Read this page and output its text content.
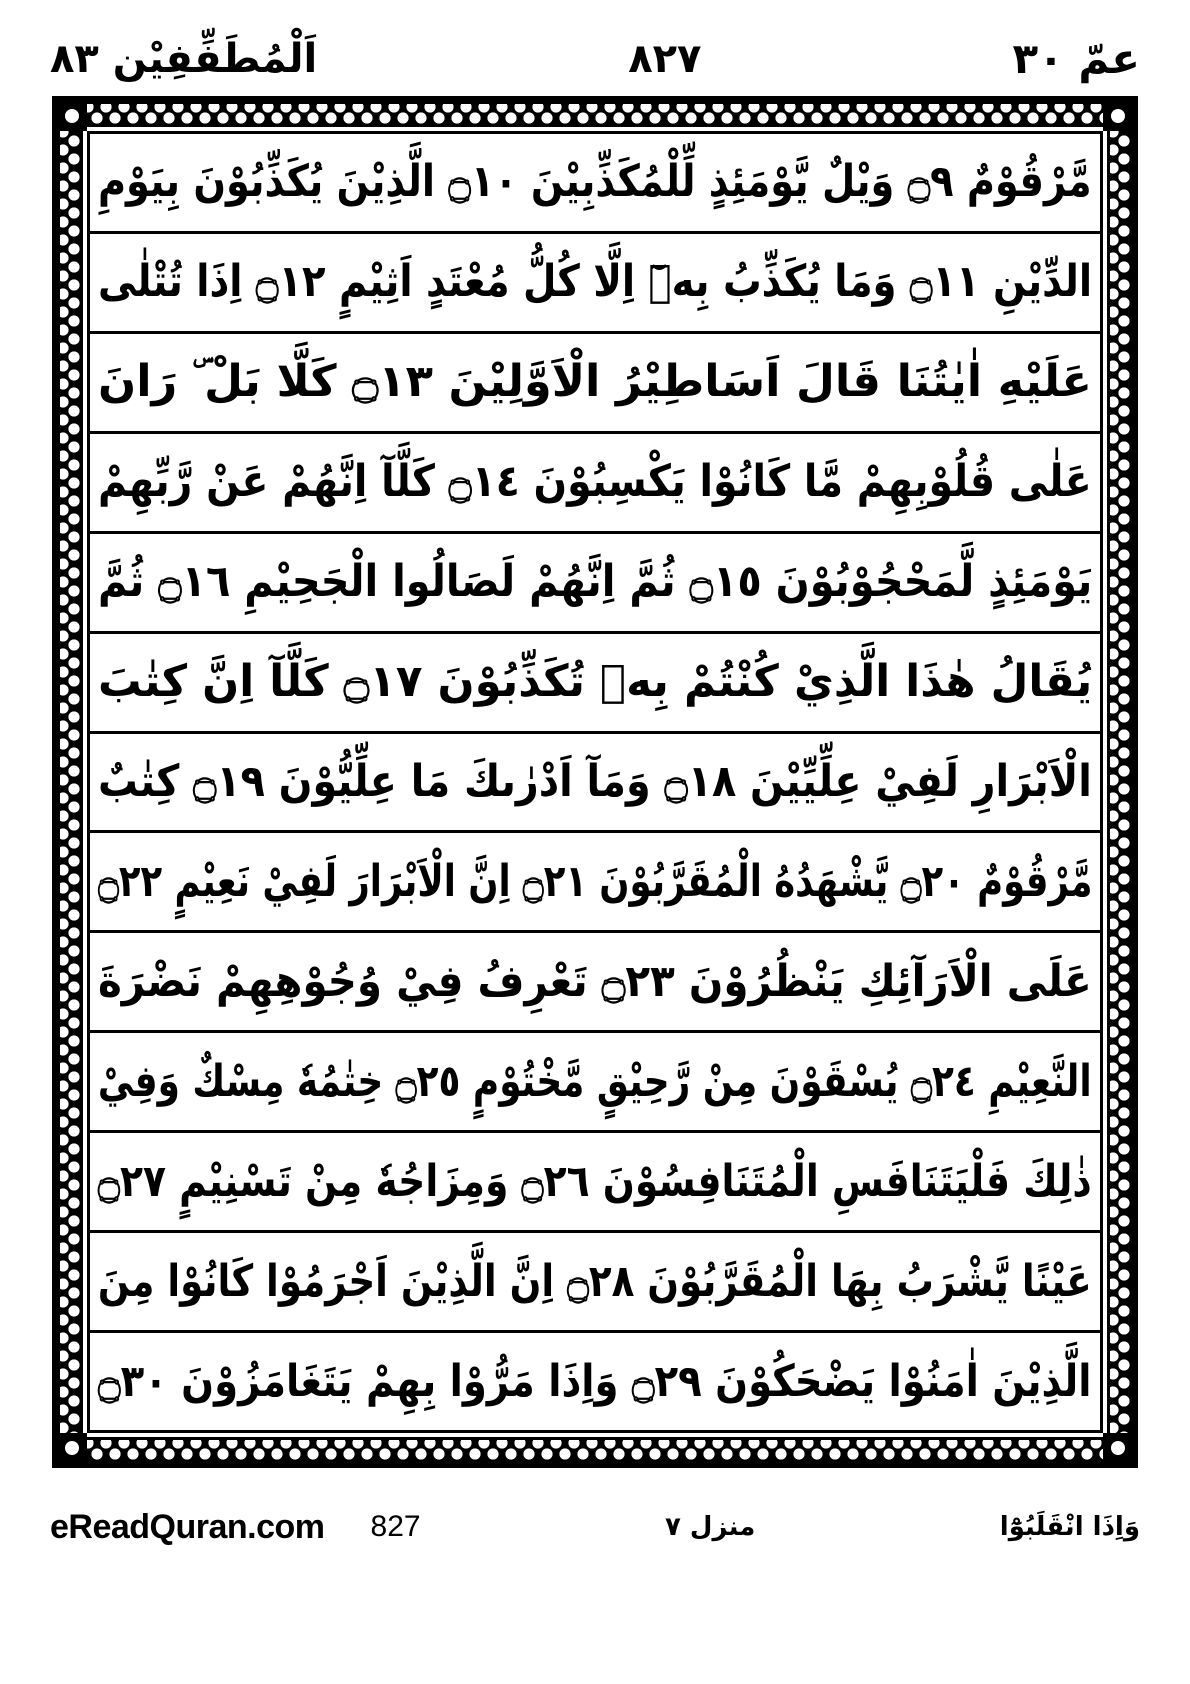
عمّ ٣٠
٨٢٧
اَلْمُطَفِّفِيْن ٨٣
مَّرْقُوْمٌ ۝٩ وَيْلٌ يَّوْمَئِذٍ لِّلْمُكَذِّبِيْنَ ۝١٠ الَّذِيْنَ يُكَذِّبُوْنَ بِيَوْمِ
الدِّيْنِ ۝١١ وَمَا يُكَذِّبُ بِهٖٓ اِلَّا كُلُّ مُعْتَدٍ اَثِيْمٍ ۝١٢ اِذَا تُتْلٰى
عَلَيْهِ اٰيٰتُنَا قَالَ اَسَاطِيْرُ الْاَوَّلِيْنَ ۝١٣ كَلَّا بَلْ ۜ رَانَ
عَلٰى قُلُوْبِهِمْ مَّا كَانُوْا يَكْسِبُوْنَ ۝١٤ كَلَّآ اِنَّهُمْ عَنْ رَّبِّهِمْ
يَوْمَئِذٍ لَّمَحْجُوْبُوْنَ ۝١٥ ثُمَّ اِنَّهُمْ لَصَالُوا الْجَحِيْمِ ۝١٦ ثُمَّ
يُقَالُ هٰذَا الَّذِيْ كُنْتُمْ بِهٖ تُكَذِّبُوْنَ ۝١٧ كَلَّآ اِنَّ كِتٰبَ
الْاَبْرَارِ لَفِيْ عِلِّيِّيْنَ ۝١٨ وَمَآ اَدْرٰىكَ مَا عِلِّيُّوْنَ ۝١٩ كِتٰبٌ
مَّرْقُوْمٌ ۝٢٠ يَّشْهَدُهُ الْمُقَرَّبُوْنَ ۝٢١ اِنَّ الْاَبْرَارَ لَفِيْ نَعِيْمٍ ۝٢٢
عَلَى الْاَرَآئِكِ يَنْظُرُوْنَ ۝٢٣ تَعْرِفُ فِيْ وُجُوْهِهِمْ نَضْرَةَ
النَّعِيْمِ ۝٢٤ يُسْقَوْنَ مِنْ رَّحِيْقٍ مَّخْتُوْمٍ ۝٢٥ خِتٰمُهٗ مِسْكٌ وَفِيْ
ذٰلِكَ فَلْيَتَنَافَسِ الْمُتَنَافِسُوْنَ ۝٢٦ وَمِزَاجُهٗ مِنْ تَسْنِيْمٍ ۝٢٧
عَيْنًا يَّشْرَبُ بِهَا الْمُقَرَّبُوْنَ ۝٢٨ اِنَّ الَّذِيْنَ اَجْرَمُوْا كَانُوْا مِنَ
الَّذِيْنَ اٰمَنُوْا يَضْحَكُوْنَ ۝٢٩ وَاِذَا مَرُّوْا بِهِمْ يَتَغَامَزُوْنَ ۝٣٠
وَاِذَا انْقَلَبُوْٓا
منزل ٧
eReadQuran.com 827
